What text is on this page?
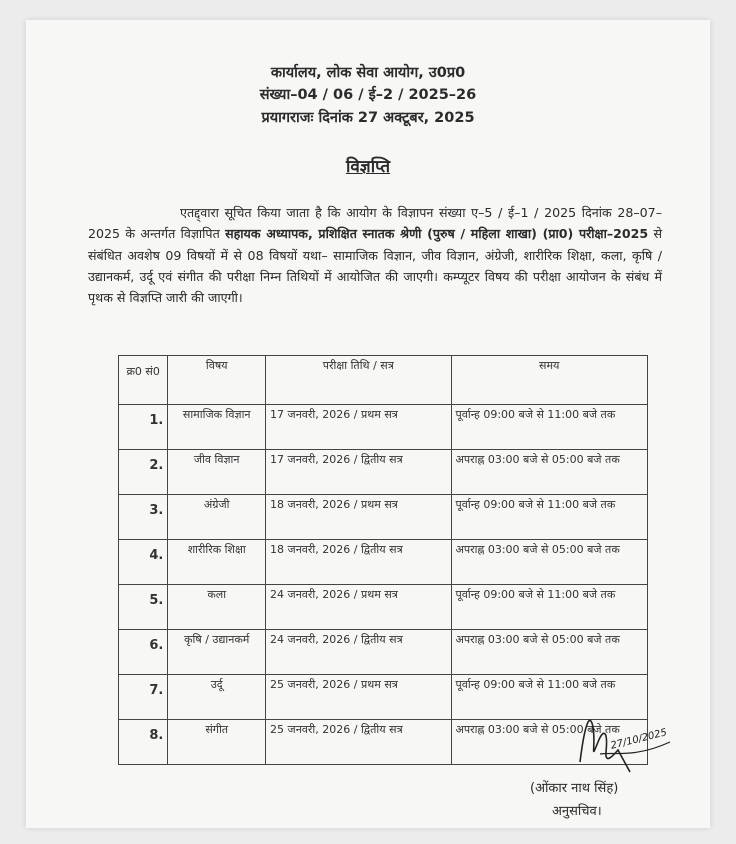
कार्यालय, लोक सेवा आयोग, उ0प्र0
संख्या–04 / 06 / ई–2 / 2025–26
प्रयागराजः दिनांक 27 अक्टूबर, 2025
विज्ञप्ति
एतद्द्वारा सूचित किया जाता है कि आयोग के विज्ञापन संख्या ए–5 / ई–1 / 2025 दिनांक 28–07–2025 के अन्तर्गत विज्ञापित सहायक अध्यापक, प्रशिक्षित स्नातक श्रेणी (पुरुष / महिला शाखा) (प्रा0) परीक्षा–2025 से संबंधित अवशेष 09 विषयों में से 08 विषयों यथा– सामाजिक विज्ञान, जीव विज्ञान, अंग्रेजी, शारीरिक शिक्षा, कला, कृषि / उद्यानकर्म, उर्दू एवं संगीत की परीक्षा निम्न तिथियों में आयोजित की जाएगी। कम्प्यूटर विषय की परीक्षा आयोजन के संबंध में पृथक से विज्ञप्ति जारी की जाएगी।
क्र0 सं0	विषय	परीक्षा तिथि / सत्र	समय
1.	सामाजिक विज्ञान	17 जनवरी, 2026 / प्रथम सत्र	पूर्वान्ह 09:00 बजे से 11:00 बजे तक
2.	जीव विज्ञान	17 जनवरी, 2026 / द्वितीय सत्र	अपराह्न 03:00 बजे से 05:00 बजे तक
3.	अंग्रेजी	18 जनवरी, 2026 / प्रथम सत्र	पूर्वान्ह 09:00 बजे से 11:00 बजे तक
4.	शारीरिक शिक्षा	18 जनवरी, 2026 / द्वितीय सत्र	अपराह्न 03:00 बजे से 05:00 बजे तक
5.	कला	24 जनवरी, 2026 / प्रथम सत्र	पूर्वान्ह 09:00 बजे से 11:00 बजे तक
6.	कृषि / उद्यानकर्म	24 जनवरी, 2026 / द्वितीय सत्र	अपराह्न 03:00 बजे से 05:00 बजे तक
7.	उर्दू	25 जनवरी, 2026 / प्रथम सत्र	पूर्वान्ह 09:00 बजे से 11:00 बजे तक
8.	संगीत	25 जनवरी, 2026 / द्वितीय सत्र	अपराह्न 03:00 बजे से 05:00 बजे तक
27/10/2025
(ओंकार नाथ सिंह)
अनुसचिव।
